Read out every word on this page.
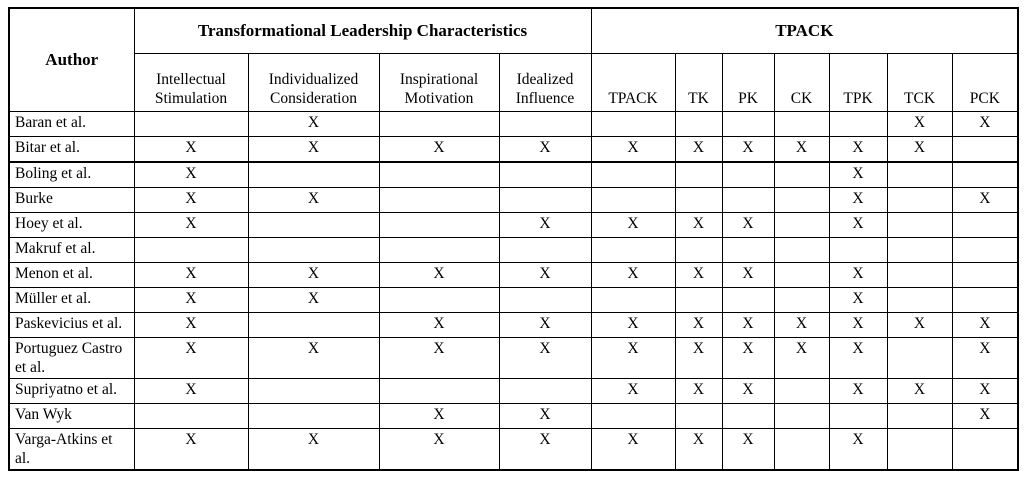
Author	Transformational Leadership Characteristics				TPACK						
	Intellectual Stimulation	Individualized Consideration	Inspirational Motivation	Idealized Influence	TPACK	TK	PK	CK	TPK	TCK	PCK
Baran et al.		X								X	X
Bitar et al.	X	X	X	X	X	X	X	X	X	X	
Boling et al.	X								X		
Burke	X	X							X		X
Hoey et al.	X			X	X	X	X		X		
Makruf et al.											
Menon et al.	X	X	X	X	X	X	X		X		
Müller et al.	X	X							X		
Paskevicius et al.	X		X	X	X	X	X	X	X	X	X
Portuguez Castro et al.	X	X	X	X	X	X	X	X	X		X
Supriyatno et al.	X				X	X	X		X	X	X
Van Wyk			X	X							X
Varga-Atkins et al.	X	X	X	X	X	X	X		X		
